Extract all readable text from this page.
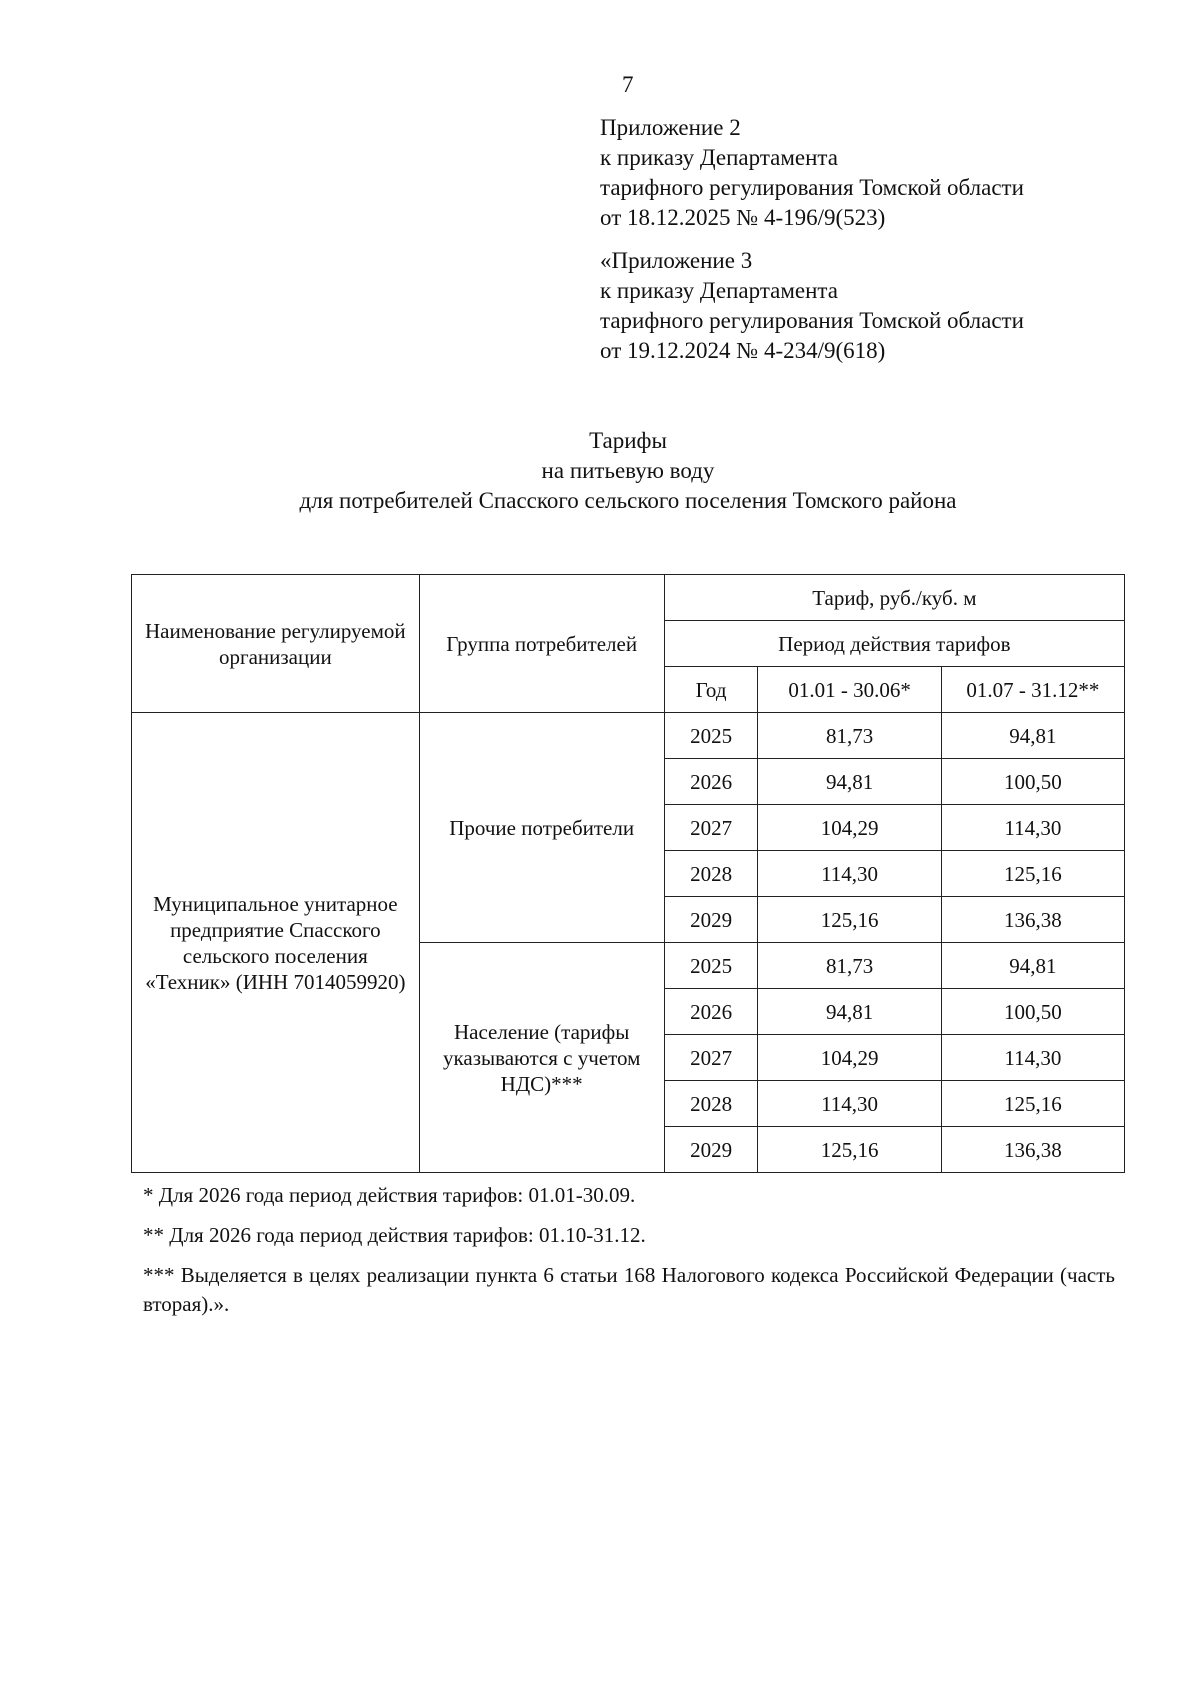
7
Приложение 2
к приказу Департамента
тарифного регулирования Томской области
от 18.12.2025 № 4-196/9(523)
«Приложение 3
к приказу Департамента
тарифного регулирования Томской области
от 19.12.2024 № 4-234/9(618)
Тарифы
на питьевую воду
для потребителей Спасского сельского поселения Томского района
Наименование регулируемой организации	Группа потребителей	Тариф, руб./куб. м		
		Период действия тарифов		
		Год	01.01 - 30.06*	01.07 - 31.12**
Муниципальное унитарное предприятие Спасского сельского поселения «Техник» (ИНН 7014059920)	Прочие потребители	2025	81,73	94,81
		2026	94,81	100,50
		2027	104,29	114,30
		2028	114,30	125,16
		2029	125,16	136,38
	Население (тарифы указываются с учетом НДС)***	2025	81,73	94,81
		2026	94,81	100,50
		2027	104,29	114,30
		2028	114,30	125,16
		2029	125,16	136,38

* Для 2026 года период действия тарифов: 01.01-30.09.

** Для 2026 года период действия тарифов: 01.10-31.12.

*** Выделяется в целях реализации пункта 6 статьи 168 Налогового кодекса Российской Федерации (часть вторая).».
